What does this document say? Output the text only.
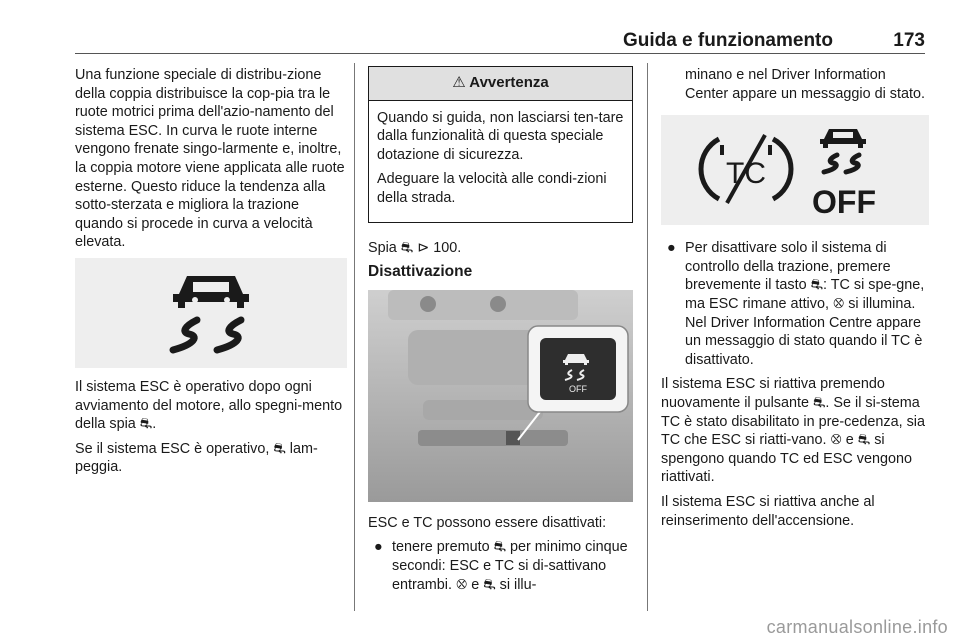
Guida e funzionamento	173

Una funzione speciale di distribu-zione della coppia distribuisce la cop-pia tra le ruote motrici prima dell'azio-namento del sistema ESC. In curva le ruote interne vengono frenate singo-larmente e, inoltre, la coppia motore viene applicata alle ruote esterne. Questo riduce la tendenza alla sotto-sterzata e migliora la trazione quando si procede in curva a velocità elevata.

Il sistema ESC è operativo dopo ogni avviamento del motore, allo spegni-mento della spia ⛐.

Se il sistema ESC è operativo, ⛐ lam-peggia.

⚠ Avvertenza

Quando si guida, non lasciarsi ten-tare dalla funzionalità di questa speciale dotazione di sicurezza.

Adeguare la velocità alle condi-zioni della strada.

Spia ⛐ ⊳ 100.

Disattivazione
OFF

ESC e TC possono essere disattivati:

● tenere premuto ⛐ per minimo cinque secondi: ESC e TC si di-sattivano entrambi. ⛒ e ⛐ si illu-

minano e nel Driver Information Center appare un messaggio di stato.

TC
OFF
● Per disattivare solo il sistema di controllo della trazione, premere brevemente il tasto ⛐: TC si spe-gne, ma ESC rimane attivo, ⛒ si illumina. Nel Driver Information Centre appare un messaggio di stato quando il TC è disattivato.

Il sistema ESC si riattiva premendo nuovamente il pulsante ⛐. Se il si-stema TC è stato disabilitato in pre-cedenza, sia TC che ESC si riatti-vano. ⛒ e ⛐ si spengono quando TC ed ESC vengono riattivati.

Il sistema ESC si riattiva anche al reinserimento dell'accensione.

carmanualsonline.info
